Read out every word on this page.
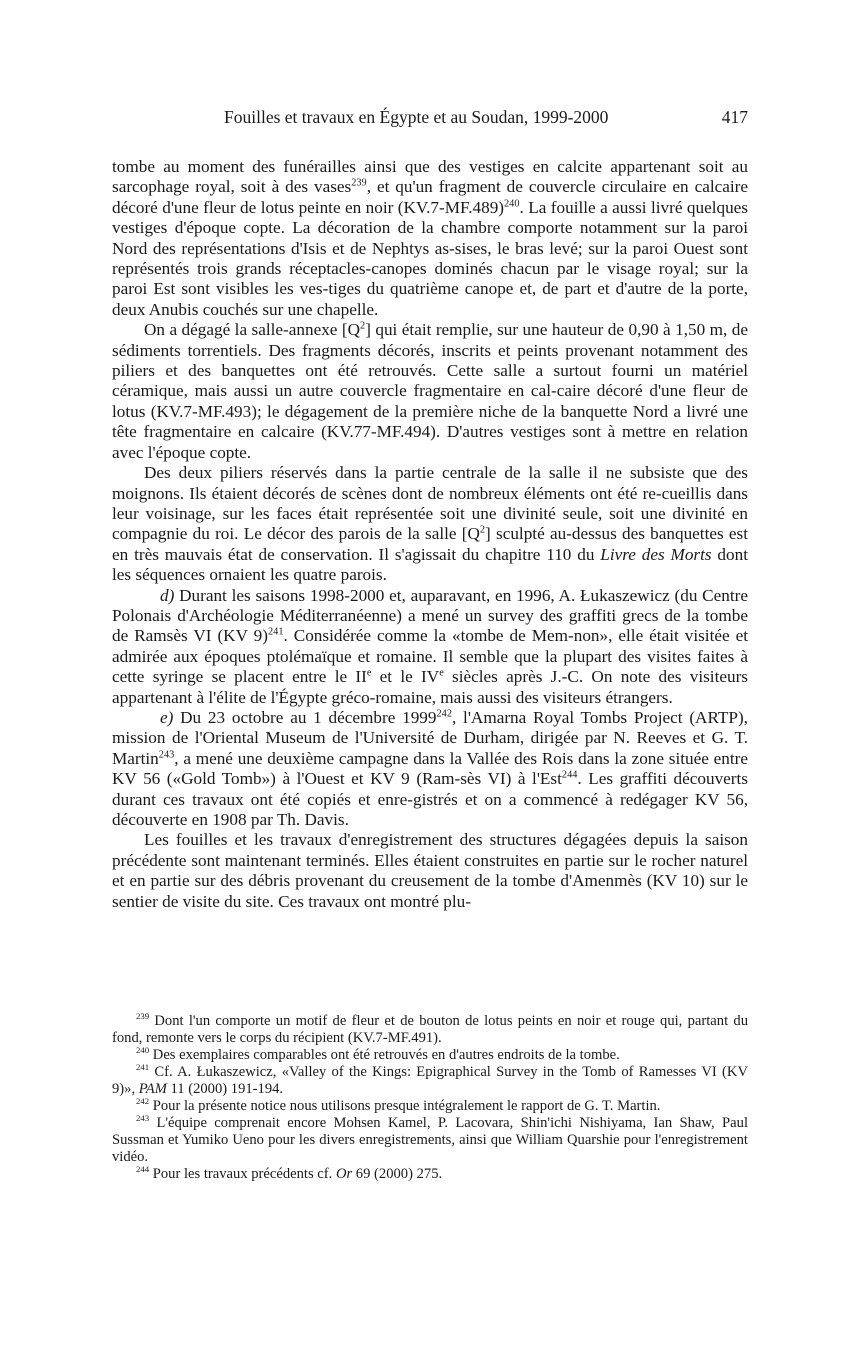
Fouilles et travaux en Égypte et au Soudan, 1999-2000	417

tombe au moment des funérailles ainsi que des vestiges en calcite appartenant soit au sarcophage royal, soit à des vases$^{239}$, et qu'un fragment de couvercle circulaire en calcaire décoré d'une fleur de lotus peinte en noir $(KV.7-MF.489)^{240}$. La fouille a aussi livré quelques vestiges d'époque copte. La décoration de la chambre comporte notamment sur la paroi Nord des représentations d'Isis et de Nephtys as-sises, le bras levé; sur la paroi Ouest sont représentés trois grands réceptacles-canopes dominés chacun par le visage royal; sur la paroi Est sont visibles les ves-tiges du quatrième canope et, de part et d'autre de la porte, deux Anubis couchés sur une chapelle.

On a dégagé la salle-annexe $[Q^2]$ qui était remplie, sur une hauteur de 0,90 à 1,50 m, de sédiments torrentiels. Des fragments décorés, inscrits et peints provenant notamment des piliers et des banquettes ont été retrouvés. Cette salle a surtout fourni un matériel céramique, mais aussi un autre couvercle fragmentaire en cal-caire décoré d'une fleur de lotus (KV.7-MF.493); le dégagement de la première niche de la banquette Nord a livré une tête fragmentaire en calcaire (KV.77-MF.494). D'autres vestiges sont à mettre en relation avec l'époque copte.

Des deux piliers réservés dans la partie centrale de la salle il ne subsiste que des moignons. Ils étaient décorés de scènes dont de nombreux éléments ont été re-cueillis dans leur voisinage, sur les faces était représentée soit une divinité seule, soit une divinité en compagnie du roi. Le décor des parois de la salle $[Q^2]$ sculpté au-dessus des banquettes est en très mauvais état de conservation. Il s'agissait du chapitre 110 du Livre des Morts dont les séquences ornaient les quatre parois.

d) Durant les saisons 1998-2000 et, auparavant, en 1996, A. Łukaszewicz (du Centre Polonais d'Archéologie Méditerranéenne) a mené un survey des graffiti grecs de la tombe de Ramsès VI (KV 9)$^{241}$. Considérée comme la «tombe de Mem-non», elle était visitée et admirée aux époques ptolémaïque et romaine. Il semble que la plupart des visites faites à cette syringe se placent entre le IIe et le IVe siècles après J.-C. On note des visiteurs appartenant à l'élite de l'Égypte gréco-romaine, mais aussi des visiteurs étrangers.

e) Du 23 octobre au 1 décembre 1999$^{242}$, l'Amarna Royal Tombs Project (ARTP), mission de l'Oriental Museum de l'Université de Durham, dirigée par N. Reeves et G. T. Martin$^{243}$, a mené une deuxième campagne dans la Vallée des Rois dans la zone située entre KV 56 («Gold Tomb») à l'Ouest et KV 9 (Ram-sès VI) à l'Est$^{244}$. Les graffiti découverts durant ces travaux ont été copiés et enre-gistrés et on a commencé à redégager KV 56, découverte en 1908 par Th. Davis.

Les fouilles et les travaux d'enregistrement des structures dégagées depuis la saison précédente sont maintenant terminés. Elles étaient construites en partie sur le rocher naturel et en partie sur des débris provenant du creusement de la tombe d'Amenmès (KV 10) sur le sentier de visite du site. Ces travaux ont montré plu-

$^{239}$ Dont l'un comporte un motif de fleur et de bouton de lotus peints en noir et rouge qui, partant du fond, remonte vers le corps du récipient (KV.7-MF.491).

$^{240}$ Des exemplaires comparables ont été retrouvés en d'autres endroits de la tombe.

$^{241}$ Cf. A. Łukaszewicz, «Valley of the Kings: Epigraphical Survey in the Tomb of Ramesses VI (KV 9)», PAM 11 (2000) 191-194.

$^{242}$ Pour la présente notice nous utilisons presque intégralement le rapport de G. T. Martin.

$^{243}$ L'équipe comprenait encore Mohsen Kamel, P. Lacovara, Shin'ichi Nishiyama, Ian Shaw, Paul Sussman et Yumiko Ueno pour les divers enregistrements, ainsi que William Quarshie pour l'enregistrement vidéo.

$^{244}$ Pour les travaux précédents cf. Or 69 (2000) 275.
